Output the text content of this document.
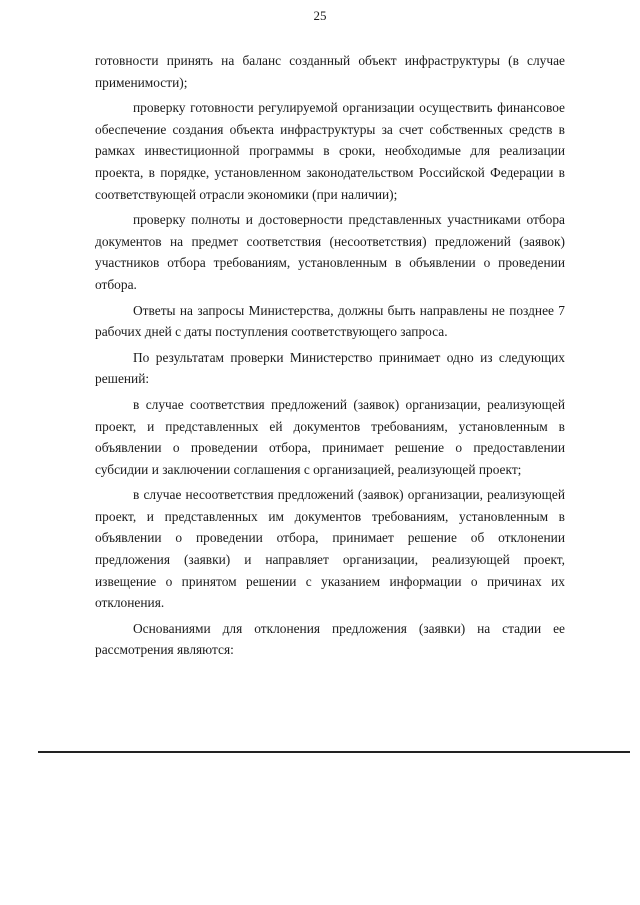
25

готовности принять на баланс созданный объект инфраструктуры (в случае применимости);

проверку готовности регулируемой организации осуществить финансовое обеспечение создания объекта инфраструктуры за счет собственных средств в рамках инвестиционной программы в сроки, необходимые для реализации проекта, в порядке, установленном законодательством Российской Федерации в соответствующей отрасли экономики (при наличии);

проверку полноты и достоверности представленных участниками отбора документов на предмет соответствия (несоответствия) предложений (заявок) участников отбора требованиям, установленным в объявлении о проведении отбора.

Ответы на запросы Министерства, должны быть направлены не позднее 7 рабочих дней с даты поступления соответствующего запроса.

По результатам проверки Министерство принимает одно из следующих решений:

в случае соответствия предложений (заявок) организации, реализующей проект, и представленных ей документов требованиям, установленным в объявлении о проведении отбора, принимает решение о предоставлении субсидии и заключении соглашения с организацией, реализующей проект;

в случае несоответствия предложений (заявок) организации, реализующей проект, и представленных им документов требованиям, установленным в объявлении о проведении отбора, принимает решение об отклонении предложения (заявки) и направляет организации, реализующей проект, извещение о принятом решении с указанием информации о причинах их отклонения.

Основаниями для отклонения предложения (заявки) на стадии ее рассмотрения являются:
